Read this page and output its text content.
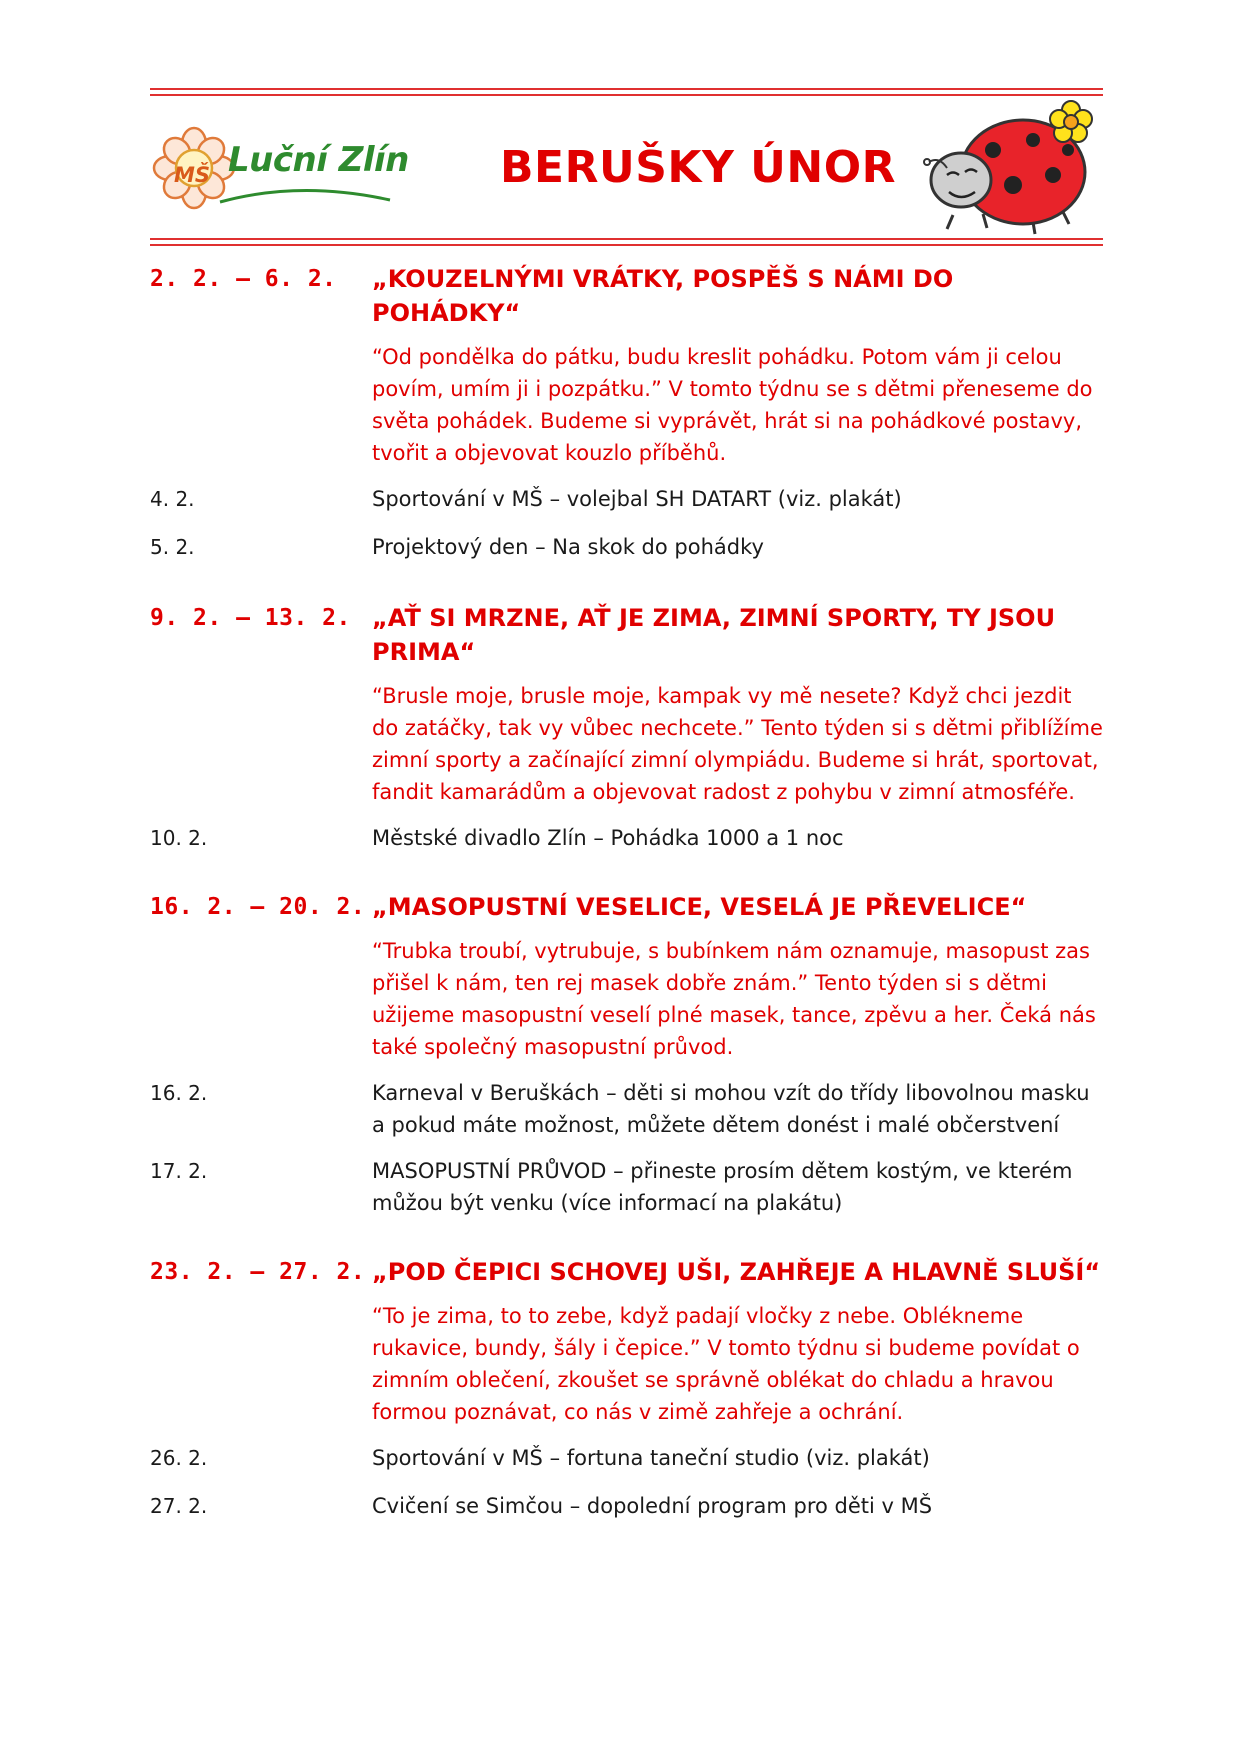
MŠ Luční Zlín BERUŠKY ÚNOR
2. 2. – 6. 2.	„KOUZELNÝMI VRÁTKY, POSPĚŠ S NÁMI DO POHÁDKY“
“Od pondělka do pátku, budu kreslit pohádku. Potom vám ji celou povím, umím ji i pozpátku.” V tomto týdnu se s dětmi přeneseme do světa pohádek. Budeme si vyprávět, hrát si na pohádkové postavy, tvořit a objevovat kouzlo příběhů.
4. 2.	Sportování v MŠ – volejbal SH DATART (viz. plakát)
5. 2.	Projektový den – Na skok do pohádky
9. 2. – 13. 2. „AŤ SI MRZNE, AŤ JE ZIMA, ZIMNÍ SPORTY, TY JSOU PRIMA“
“Brusle moje, brusle moje, kampak vy mě nesete? Když chci jezdit do zatáčky, tak vy vůbec nechcete.” Tento týden si s dětmi přiblížíme zimní sporty a začínající zimní olympiádu. Budeme si hrát, sportovat, fandit kamarádům a objevovat radost z pohybu v zimní atmosféře.
10. 2.	Městské divadlo Zlín – Pohádka 1000 a 1 noc
16. 2. – 20. 2. „MASOPUSTNÍ VESELICE, VESELÁ JE PŘEVELICE“
“Trubka troubí, vytrubuje, s bubínkem nám oznamuje, masopust zas přišel k nám, ten rej masek dobře znám.” Tento týden si s dětmi užijeme masopustní veselí plné masek, tance, zpěvu a her. Čeká nás také společný masopustní průvod.
16. 2.	Karneval v Beruškách – děti si mohou vzít do třídy libovolnou masku a pokud máte možnost, můžete dětem donést i malé občerstvení
17. 2.	MASOPUSTNÍ PRŮVOD – přineste prosím dětem kostým, ve kterém můžou být venku (více informací na plakátu)
23. 2. – 27. 2. „POD ČEPICI SCHOVEJ UŠI, ZAHŘEJE A HLAVNĚ SLUŠÍ“
“To je zima, to to zebe, když padají vločky z nebe. Oblékneme rukavice, bundy, šály i čepice.” V tomto týdnu si budeme povídat o zimním oblečení, zkoušet se správně oblékat do chladu a hravou formou poznávat, co nás v zimě zahřeje a ochrání.
26. 2.	Sportování v MŠ – fortuna taneční studio (viz. plakát)
27. 2.	Cvičení se Simčou – dopolední program pro děti v MŠ
